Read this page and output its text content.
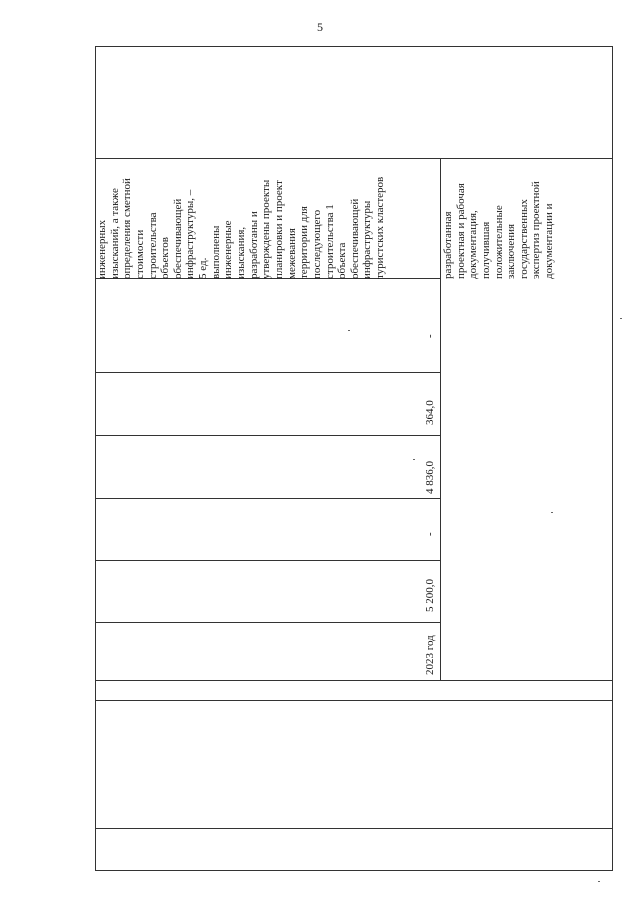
5
инженерных изысканий, а также определения сметной стоимости строительства объектов обеспечивающей инфраструктуры, – 5 ед. выполнены инженерные изыскания, разработаны и утверждены проекты планировки и проект межевания территории для последующего строительства 1 объекта обеспечивающей инфраструктуры туристских кластеров	разработанная проектная и рабочая документация, получившая положительные заключения государственных экспертиз проектной документации и
-
364,0
4 836,0
-
5 200,0
2023 год
